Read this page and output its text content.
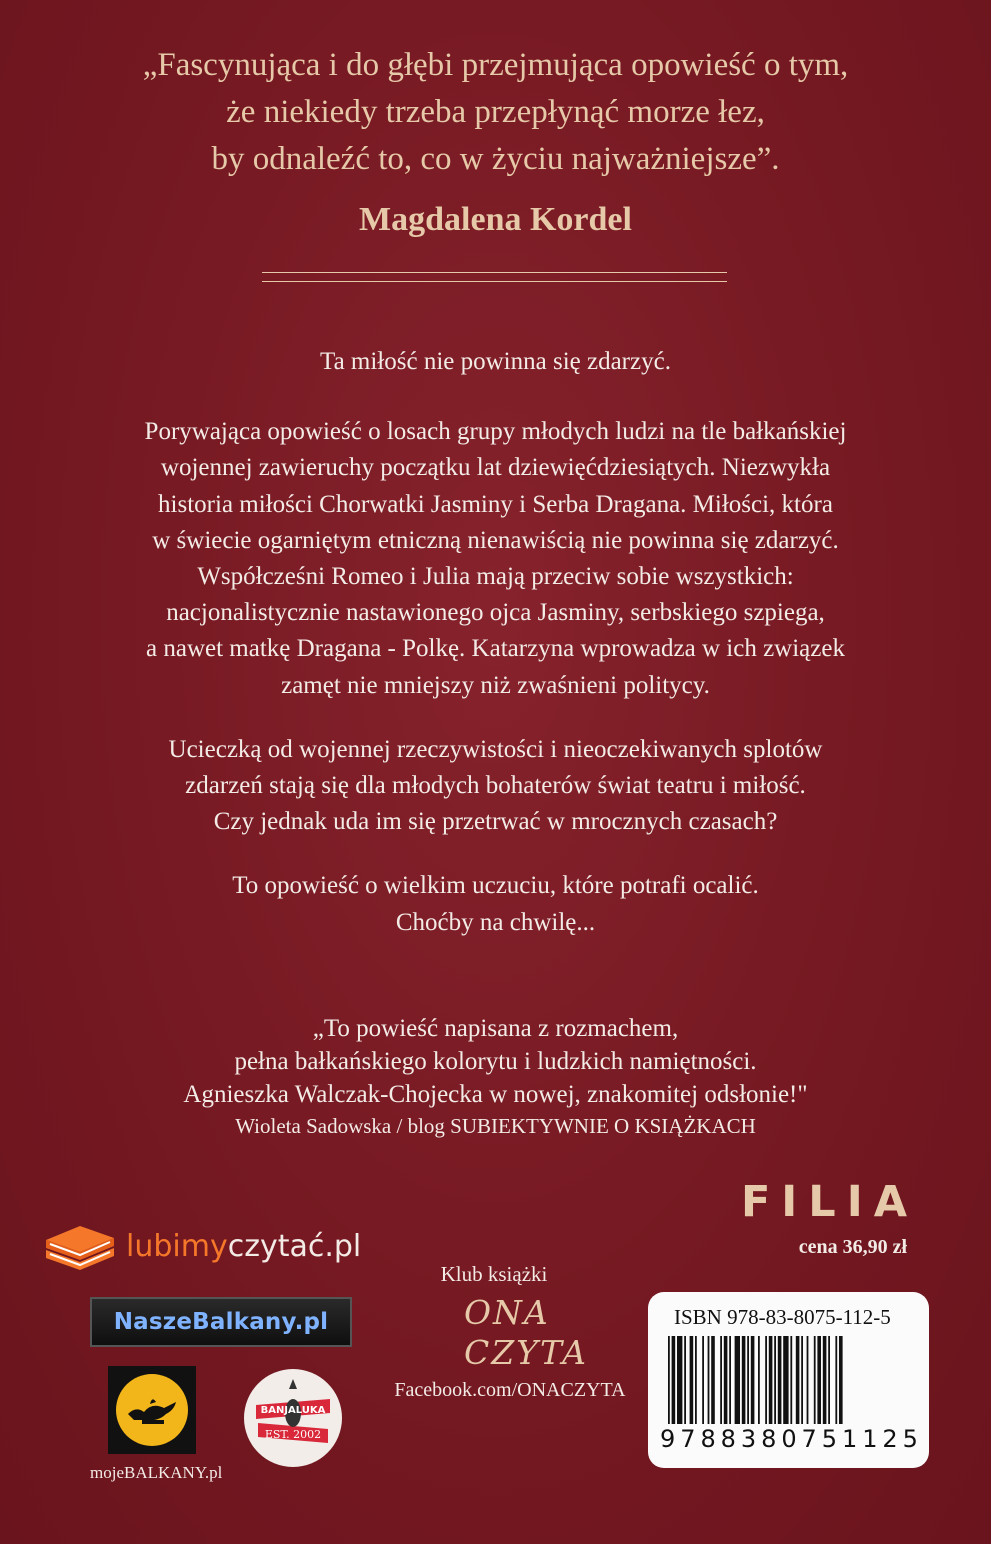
„Fascynująca i do głębi przejmująca opowieść o tym,
że niekiedy trzeba przepłynąć morze łez,
by odnaleźć to, co w życiu najważniejsze”.
Magdalena Kordel

Ta miłość nie powinna się zdarzyć.

Porywająca opowieść o losach grupy młodych ludzi na tle bałkańskiej
wojennej zawieruchy początku lat dziewięćdziesiątych. Niezwykła
historia miłości Chorwatki Jasminy i Serba Dragana. Miłości, która
w świecie ogarniętym etniczną nienawiścią nie powinna się zdarzyć.
Współcześni Romeo i Julia mają przeciw sobie wszystkich:
nacjonalistycznie nastawionego ojca Jasminy, serbskiego szpiega,
a nawet matkę Dragana - Polkę. Katarzyna wprowadza w ich związek
zamęt nie mniejszy niż zwaśnieni politycy.

Ucieczką od wojennej rzeczywistości i nieoczekiwanych splotów
zdarzeń stają się dla młodych bohaterów świat teatru i miłość.
Czy jednak uda im się przetrwać w mrocznych czasach?

To opowieść o wielkim uczuciu, które potrafi ocalić.
Choćby na chwilę...

„To powieść napisana z rozmachem,
pełna bałkańskiego kolorytu i ludzkich namiętności.
Agnieszka Walczak-Chojecka w nowej, znakomitej odsłonie!"
Wioleta Sadowska / blog SUBIEKTYWNIE O KSIĄŻKACH
FILIA
cena 36,90 zł
lubimyczytać.pl
NaszeBalkany.pl
mojeBALKANY.pl
BANJALUKA
EST. 2002
Klub książki
ONA
CZYTA
Facebook.com/ONACZYTA
ISBN 978-83-8075-112-5
9 7 8 8 3 8 0 7 5 1 1 2 5
